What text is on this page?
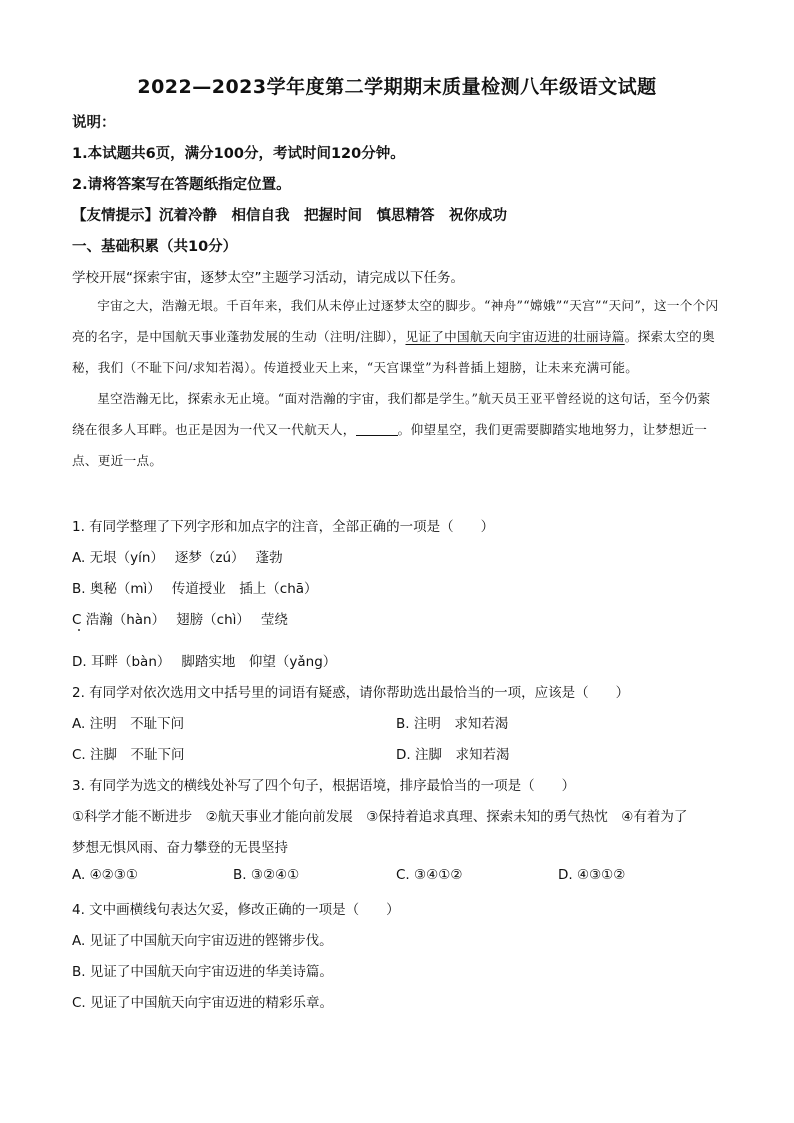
2022—2023学年度第二学期期末质量检测八年级语文试题
说明：
1.本试题共6页，满分100分，考试时间120分钟。
2.请将答案写在答题纸指定位置。
【友情提示】沉着冷静　相信自我　把握时间　慎思精答　祝你成功
一、基础积累（共10分）
学校开展“探索宇宙，逐梦太空”主题学习活动，请完成以下任务。

宇宙之大，浩瀚无垠。千百年来，我们从未停止过逐梦太空的脚步。“神舟”“嫦娥”“天宫”“天问”，这一个个闪亮的名字，是中国航天事业蓬勃发展的生动（注明/注脚），见证了中国航天向宇宙迈进的壮丽诗篇。探索太空的奥秘，我们（不耻下问/求知若渴）。传道授业天上来，“天宫课堂”为科普插上翅膀，让未来充满可能。

星空浩瀚无比，探索永无止境。“面对浩瀚的宇宙，我们都是学生。”航天员王亚平曾经说的这句话，至今仍萦绕在很多人耳畔。也正是因为一代又一代航天人，	。仰望星空，我们更需要脚踏实地地努力，让梦想近一点、更近一点。

1. 有同学整理了下列字形和加点字的注音，全部正确的一项是（　　）
A. 无垠（yín）　 逐梦（zú）　 蓬勃
B. 奥秘（mì）　 传道授业　插上（chā）
C 浩瀚（hàn）　 翅膀（chì）　 莹绕
D. 耳畔（bàn）　 脚踏实地　仰望（yǎng）
2. 有同学对依次选用文中括号里的词语有疑惑，请你帮助选出最恰当的一项，应该是（　　）
A. 注明　不耻下问	B. 注明　求知若渴
C. 注脚　不耻下问	D. 注脚　求知若渴
3. 有同学为选文的横线处补写了四个句子，根据语境，排序最恰当的一项是（　　）
①科学才能不断进步　②航天事业才能向前发展　③保持着追求真理、探索未知的勇气热忱　④有着为了
梦想无惧风雨、奋力攀登的无畏坚持
A. ④②③①	B. ③②④①	C. ③④①②	D. ④③①②
4. 文中画横线句表达欠妥，修改正确的一项是（　　）
A. 见证了中国航天向宇宙迈进的铿锵步伐。
B. 见证了中国航天向宇宙迈进的华美诗篇。
C. 见证了中国航天向宇宙迈进的精彩乐章。
